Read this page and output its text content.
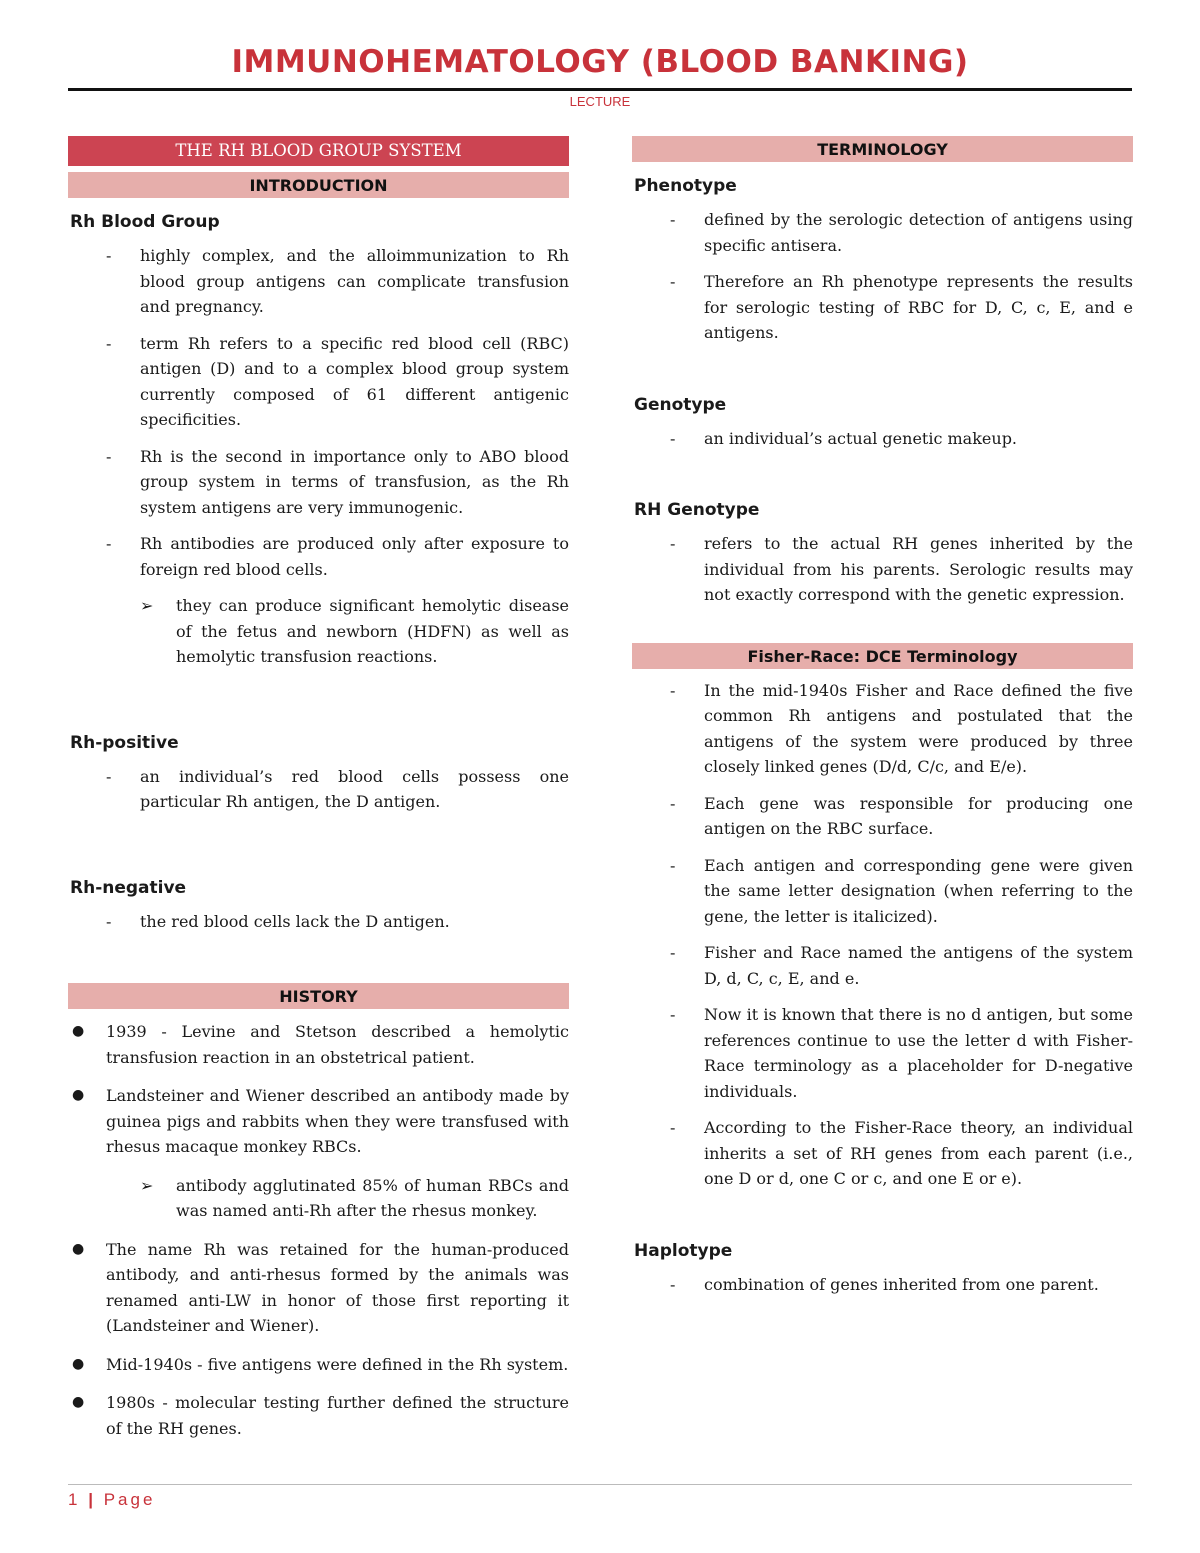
IMMUNOHEMATOLOGY (BLOOD BANKING)
LECTURE
THE RH BLOOD GROUP SYSTEM
INTRODUCTION
Rh Blood Group
- highly complex, and the alloimmunization to Rh blood group antigens can complicate transfusion and pregnancy.
- term Rh refers to a specific red blood cell (RBC) antigen (D) and to a complex blood group system currently composed of 61 different antigenic specificities.
- Rh is the second in importance only to ABO blood group system in terms of transfusion, as the Rh system antigens are very immunogenic.
- Rh antibodies are produced only after exposure to foreign red blood cells.
➢ they can produce significant hemolytic disease of the fetus and newborn (HDFN) as well as hemolytic transfusion reactions.
Rh-positive
- an individual’s red blood cells possess one particular Rh antigen, the D antigen.
Rh-negative
- the red blood cells lack the D antigen.
HISTORY
● 1939 - Levine and Stetson described a hemolytic transfusion reaction in an obstetrical patient.
● Landsteiner and Wiener described an antibody made by guinea pigs and rabbits when they were transfused with rhesus macaque monkey RBCs.
➢ antibody agglutinated 85% of human RBCs and was named anti-Rh after the rhesus monkey.
● The name Rh was retained for the human-produced antibody, and anti-rhesus formed by the animals was renamed anti-LW in honor of those first reporting it (Landsteiner and Wiener).
● Mid-1940s - five antigens were defined in the Rh system.
● 1980s - molecular testing further defined the structure of the RH genes.
TERMINOLOGY
Phenotype
- defined by the serologic detection of antigens using specific antisera.
- Therefore an Rh phenotype represents the results for serologic testing of RBC for D, C, c, E, and e antigens.
Genotype
- an individual’s actual genetic makeup.
RH Genotype
- refers to the actual RH genes inherited by the individual from his parents. Serologic results may not exactly correspond with the genetic expression.
Fisher-Race: DCE Terminology
- In the mid-1940s Fisher and Race defined the five common Rh antigens and postulated that the antigens of the system were produced by three closely linked genes (D/d, C/c, and E/e).
- Each gene was responsible for producing one antigen on the RBC surface.
- Each antigen and corresponding gene were given the same letter designation (when referring to the gene, the letter is italicized).
- Fisher and Race named the antigens of the system D, d, C, c, E, and e.
- Now it is known that there is no d antigen, but some references continue to use the letter d with Fisher-Race terminology as a placeholder for D-negative individuals.
- According to the Fisher-Race theory, an individual inherits a set of RH genes from each parent (i.e., one D or d, one C or c, and one E or e).
Haplotype
- combination of genes inherited from one parent.
1 | Page
